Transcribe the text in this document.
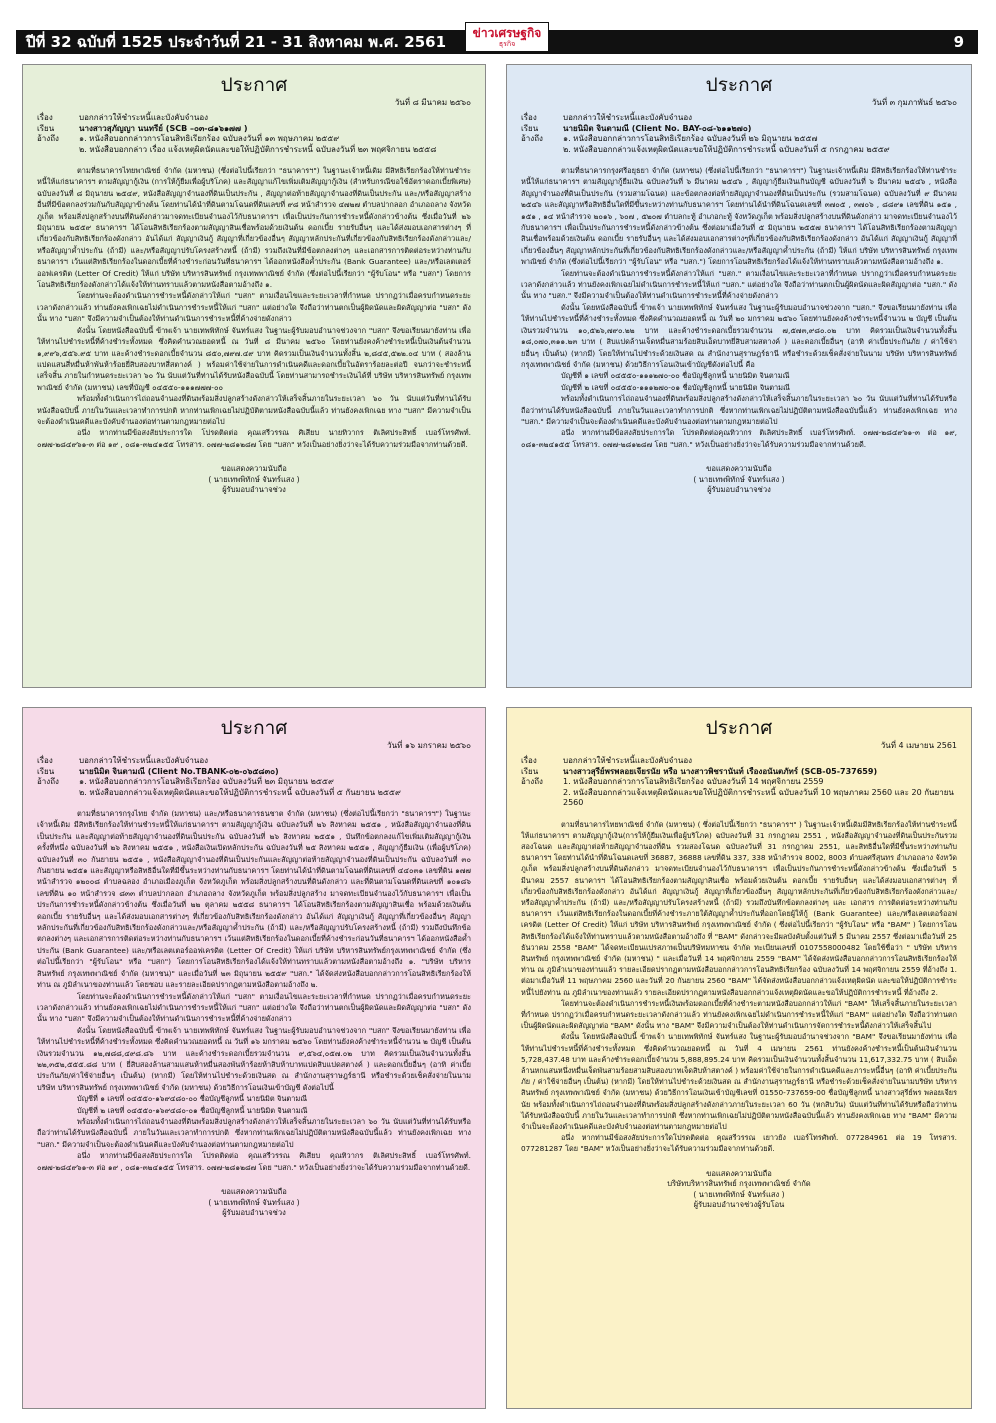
ปีที่ 32 ฉบับที่ 1525 ประจำวันที่ 21 - 31 สิงหาคม พ.ศ. 2561	9
ข่าวเศรษฐกิจ
ธุรกิจ
ประกาศ
วันที่ ๘ มีนาคม ๒๕๖๐
เรื่อง	บอกกล่าวให้ชำระหนี้และบังคับจำนอง
เรียน	นางสาวสุภัญญา นนทรีย์ (SCB –๐๓-๘๑๖๑๗๗ )
อ้างถึง	๑. หนังสือบอกกล่าวการโอนสิทธิเรียกร้อง ฉบับลงวันที่ ๑๓ พฤษภาคม ๒๕๕๙
๒. หนังสือบอกกล่าว เรื่อง แจ้งเหตุผิดนัดและขอให้ปฏิบัติการชำระหนี้ ฉบับลงวันที่ ๒๓ พฤศจิกายน ๒๕๕๘

ตามที่ธนาคารไทยพาณิชย์ จำกัด (มหาชน) (ซึ่งต่อไปนี้เรียกว่า "ธนาคารฯ") ในฐานะเจ้าหนี้เดิม มีสิทธิเรียกร้องให้ท่านชำระหนี้ให้แก่ธนาคารฯ ตามสัญญากู้เงิน (การให้กู้ยืมเพื่อผู้บริโภค) และสัญญาแก้ไขเพิ่มเติมสัญญากู้เงิน (สำหรับกรณีขอใช้อัตราดอกเบี้ยพิเศษ) ฉบับลงวันที่ ๘ มิถุนายน ๒๕๔๙, หนังสือสัญญาจำนองที่ดินเป็นประกัน , สัญญาต่อท้ายสัญญาจำนองที่ดินเป็นประกัน และ/หรือสัญญาสร้างอื่นที่มีข้อตกลงร่วมกันกับสัญญาข้างต้น โดยท่านได้นำที่ดินตามโฉนดที่ดินเลขที่ ๙๘ หน้าสำรวจ ๔๗๒๗ ตำบลปากลอก อำเภอถลาง จังหวัดภูเก็ต พร้อมสิ่งปลูกสร้างบนที่ดินดังกล่าวมาจดทะเบียนจำนองไว้กับธนาคารฯ เพื่อเป็นประกันการชำระหนี้ดังกล่าวข้างต้น ซึ่งเมื่อวันที่ ๒๖ มิถุนายน ๒๕๕๙ ธนาคารฯ ได้โอนสิทธิเรียกร้องตามสัญญาสินเชื่อพร้อมด้วยเงินต้น ดอกเบี้ย รายรับอื่นๆ และได้ส่งมอบเอกสารต่างๆ ที่เกี่ยวข้องกับสิทธิเรียกร้องดังกล่าว อันได้แก่ สัญญาเงินกู้ สัญญาที่เกี่ยวข้องอื่นๆ สัญญาหลักประกันที่เกี่ยวข้องกับสิทธิเรียกร้องดังกล่าวและ/หรือสัญญาค้ำประกัน (ถ้ามี) และ/หรือสัญญาปรับโครงสร้างหนี้ (ถ้ามี) รวมถึงเงินที่มีข้อตกลงต่างๆ และเอกสารการติดต่อระหว่างท่านกับธนาคารฯ เว้นแต่สิทธิเรียกร้องในดอกเบี้ยที่ค้างชำระก่อนวันที่ธนาคารฯ ได้ออกหนังสือค้ำประกัน (Bank Guarantee) และ/หรือเลตเตอร์ออฟเครดิต (Letter Of Credit) ให้แก่ บริษัท บริหารสินทรัพย์ กรุงเทพพาณิชย์ จำกัด (ซึ่งต่อไปนี้เรียกว่า "ผู้รับโอน" หรือ "บสก") โดยการโอนสิทธิเรียกร้องดังกล่าวได้แจ้งให้ท่านทราบแล้วตามหนังสือตามอ้างถึง ๑.

โดยท่านจะต้องดำเนินการชำระหนี้ดังกล่าวให้แก่ "บสก" ตามเงื่อนไขและระยะเวลาที่กำหนด ปรากฏว่าเมื่อครบกำหนดระยะเวลาดังกล่าวแล้ว ท่านยังคงเพิกเฉยไม่ดำเนินการชำระหนี้ให้แก่ "บสก" แต่อย่างใด จึงถือว่าท่านตกเป็นผู้ผิดนัดและผิดสัญญาต่อ "บสก" ดังนั้น ทาง "บสก" จึงมีความจำเป็นต้องให้ท่านดำเนินการชำระหนี้ที่ค้างจ่ายดังกล่าว

ดังนั้น โดยหนังสือฉบับนี้ ข้าพเจ้า นายเทพพิทักษ์ จันทร์แสง ในฐานะผู้รับมอบอำนาจช่วงจาก "บสก" จึงขอเรียนมายังท่าน เพื่อให้ท่านไปชำระหนี้ที่ค้างชำระทั้งหมด ซึ่งคิดคำนวณยอดหนี้ ณ วันที่ ๘ มีนาคม ๒๕๖๐ โดยท่านยังคงค้างชำระหนี้เป็นเงินต้นจำนวน ๑,๙๙๖,๕๕๖.๙๕ บาท และค้างชำระดอกเบี้ยจำนวน ๘๕๐,๗๙๗.๔๙ บาท คิดรวมเป็นเงินจำนวนทั้งสิ้น ๒,๘๔๕,๕๒๒.๐๔ บาท ( สองล้านแปดแสนสี่หมื่นห้าพันห้าร้อยยี่สิบสองบาทสี่สตางค์ ) พร้อมค่าใช้จ่ายในการดำเนินคดีและดอกเบี้ยในอัตราร้อยละต่อปี จนกว่าจะชำระหนี้เสร็จสิ้น ภายในกำหนดระยะเวลา ๖๐ วัน นับแต่วันที่ท่านได้รับหนังสือฉบับนี้ โดยท่านสามารถชำระเงินได้ที่ บริษัท บริหารสินทรัพย์ กรุงเทพพาณิชย์ จำกัด (มหาชน) เลขที่บัญชี ๐๔๕๕๐-๑๑๑๗๗๗-๐๐

พร้อมทั้งดำเนินการไถ่ถอนจำนองที่ดินพร้อมสิ่งปลูกสร้างดังกล่าวให้เสร็จสิ้นภายในระยะเวลา ๖๐ วัน นับแต่วันที่ท่านได้รับหนังสือฉบับนี้ ภายในวันและเวลาทำการปกติ หากท่านเพิกเฉยไม่ปฏิบัติตามหนังสือฉบับนี้แล้ว ท่านยังคงเพิกเฉย ทาง "บสก" มีความจำเป็นจะต้องดำเนินคดีและบังคับจำนองต่อท่านตามกฎหมายต่อไป

อนึ่ง หากท่านมีข้อสงสัยประการใด โปรดติดต่อ คุณเสรีวรรณ ศิเสียบ นายทิวากร ติเลิศประสิทธิ์ เบอร์โทรศัพท์. ๐๗๗-๒๘๔๙๖๑-๓ ต่อ ๑๙ , ๐๘๑-๓๒๔๑๕๕ โทรสาร. ๐๗๗-๒๘๑๒๘๗ โดย "บสก" หวังเป็นอย่างยิ่งว่าจะได้รับความร่วมมือจากท่านด้วยดี.

ขอแสดงความนับถือ
( นายเทพพิทักษ์ จันทร์แสง )
ผู้รับมอบอำนาจช่วง
ประกาศ
วันที่ ๓ กุมภาพันธ์ ๒๕๖๐
เรื่อง	บอกกล่าวให้ชำระหนี้และบังคับจำนอง
เรียน	นายนิมิต จินตามณี (Client No. BAY-๐๘-๖๑๑๒๗๐)
อ้างถึง	๑. หนังสือบอกกล่าวการโอนสิทธิเรียกร้อง ฉบับลงวันที่ ๒๖ มิถุนายน ๒๕๕๗
๒. หนังสือบอกกล่าวแจ้งเหตุผิดนัดและขอให้ปฏิบัติการชำระหนี้ ฉบับลงวันที่ ๕ กรกฎาคม ๒๕๕๙

ตามที่ธนาคารกรุงศรีอยุธยา จำกัด (มหาชน) (ซึ่งต่อไปนี้เรียกว่า "ธนาคารฯ") ในฐานะเจ้าหนี้เดิม มีสิทธิเรียกร้องให้ท่านชำระหนี้ให้แก่ธนาคารฯ ตามสัญญากู้ยืมเงิน ฉบับลงวันที่ ๖ มีนาคม ๒๕๔๖ , สัญญากู้ยืมเงินเกินบัญชี ฉบับลงวันที่ ๖ มีนาคม ๒๕๔๖ , หนังสือสัญญาจำนองที่ดินเป็นประกัน (รวมสามโฉนด) และข้อตกลงต่อท้ายสัญญาจำนองที่ดินเป็นประกัน (รวมสามโฉนด) ฉบับลงวันที่ ๙ มีนาคม ๒๕๔๖ และสัญญาหรือสิทธิอื่นใดที่มีขึ้นระหว่างท่านกับธนาคารฯ โดยท่านได้นำที่ดินโฉนดเลขที่ ๓๗๐๕ , ๓๗๐๖ , ๘๘๙๑ เลขที่ดิน ๑๕๑ , ๑๕๑ , ๑๔ หน้าสำรวจ ๒๐๑๖ , ๖๐๗ , ๕๒๐๗ ตำบลกะทู้ อำเภอกะทู้ จังหวัดภูเก็ต พร้อมสิ่งปลูกสร้างบนที่ดินดังกล่าว มาจดทะเบียนจำนองไว้กับธนาคารฯ เพื่อเป็นประกันการชำระหนี้ดังกล่าวข้างต้น ซึ่งต่อมาเมื่อวันที่ ๕ มิถุนายน ๒๕๕๗ ธนาคารฯ ได้โอนสิทธิเรียกร้องตามสัญญาสินเชื่อพร้อมด้วยเงินต้น ดอกเบี้ย รายรับอื่นๆ และได้ส่งมอบเอกสารต่างๆที่เกี่ยวข้องกับสิทธิเรียกร้องดังกล่าว อันได้แก่ สัญญาเงินกู้ สัญญาที่เกี่ยวข้องอื่นๆ สัญญาหลักประกันที่เกี่ยวข้องกับสิทธิเรียกร้องดังกล่าวและ/หรือสัญญาค้ำประกัน (ถ้ามี) ให้แก่ บริษัท บริหารสินทรัพย์ กรุงเทพพาณิชย์ จำกัด (ซึ่งต่อไปนี้เรียกว่า "ผู้รับโอน" หรือ "บสก.") โดยการโอนสิทธิเรียกร้องได้แจ้งให้ท่านทราบแล้วตามหนังสือตามอ้างถึง ๑.

โดยท่านจะต้องดำเนินการชำระหนี้ดังกล่าวให้แก่ "บสก." ตามเงื่อนไขและระยะเวลาที่กำหนด ปรากฏว่าเมื่อครบกำหนดระยะเวลาดังกล่าวแล้ว ท่านยังคงเพิกเฉยไม่ดำเนินการชำระหนี้ให้แก่ "บสก." แต่อย่างใด จึงถือว่าท่านตกเป็นผู้ผิดนัดและผิดสัญญาต่อ "บสก." ดังนั้น ทาง "บสก." จึงมีความจำเป็นต้องให้ท่านดำเนินการชำระหนี้ที่ค้างจ่ายดังกล่าว

ดังนั้น โดยหนังสือฉบับนี้ ข้าพเจ้า นายเทพพิทักษ์ จันทร์แสง ในฐานะผู้รับมอบอำนาจช่วงจาก "บสก." จึงขอเรียนมายังท่าน เพื่อให้ท่านไปชำระหนี้ที่ค้างชำระทั้งหมด ซึ่งคิดคำนวณยอดหนี้ ณ วันที่ ๒๐ มกราคม ๒๕๖๐ โดยท่านยังคงค้างชำระหนี้จำนวน ๒ บัญชี เป็นต้นเงินรวมจำนวน ๑๐,๕๒๖,๗๙๐.๒๒ บาท และค้างชำระดอกเบี้ยรวมจำนวน ๗,๕๗๓,๙๘๐.๐๒ บาท คิดรวมเป็นเงินจำนวนทั้งสิ้น ๑๘,๐๗๐,๓๑๑.๒๓ บาท ( สิบแปดล้านเจ็ดหมื่นสามร้อยสิบเอ็ดบาทยี่สิบสามสตางค์ ) และดอกเบี้ยอื่นๆ (อาทิ ค่าเบี้ยประกันภัย / ค่าใช้จ่ายอื่นๆ เป็นต้น) (หากมี) โดยให้ท่านไปชำระด้วยเงินสด ณ สำนักงานสุราษฎร์ธานี หรือชำระด้วยเช็คสั่งจ่ายในนาม บริษัท บริหารสินทรัพย์ กรุงเทพพาณิชย์ จำกัด (มหาชน) ด้วยวิธีการโอนเงินเข้าบัญชีดังต่อไปนี้ คือ

บัญชีที่ ๑ เลขที่ ๐๔๕๕๐-๑๑๑๒๗๐-๐๐ ชื่อบัญชีลูกหนี้ นายนิมิต จินตามณี

บัญชีที่ ๒ เลขที่ ๐๔๕๕๐-๑๑๑๒๗๐-๐๑ ชื่อบัญชีลูกหนี้ นายนิมิต จินตามณี

พร้อมทั้งดำเนินการไถ่ถอนจำนองที่ดินพร้อมสิ่งปลูกสร้างดังกล่าวให้เสร็จสิ้นภายในระยะเวลา ๖๐ วัน นับแต่วันที่ท่านได้รับหรือถือว่าท่านได้รับหนังสือฉบับนี้ ภายในวันและเวลาทำการปกติ ซึ่งหากท่านเพิกเฉยไม่ปฏิบัติตามหนังสือฉบับนี้แล้ว ท่านยังคงเพิกเฉย ทาง "บสก." มีความจำเป็นจะต้องดำเนินคดีและบังคับจำนองต่อท่านตามกฎหมายต่อไป

อนึ่ง หากท่านมีข้อสงสัยประการใด โปรดติดต่อคุณทิวากร ติเลิศประสิทธิ์ เบอร์โทรศัพท์. ๐๗๗-๒๘๔๙๖๑-๓ ต่อ ๑๙, ๐๘๑-๓๒๔๑๕๕ โทรสาร. ๐๗๗-๒๘๑๒๘๗ โดย "บสก." หวังเป็นอย่างยิ่งว่าจะได้รับความร่วมมือจากท่านด้วยดี.

ขอแสดงความนับถือ
( นายเทพพิทักษ์ จันทร์แสง )
ผู้รับมอบอำนาจช่วง
ประกาศ
วันที่ ๑๖ มกราคม ๒๕๖๐
เรื่อง	บอกกล่าวให้ชำระหนี้และบังคับจำนอง
เรียน	นายนิมิต จินตามณี (Client No.TBANK-๐๒-๐๖๕๘๓๐)
อ้างถึง	๑. หนังสือบอกกล่าวการโอนสิทธิเรียกร้อง ฉบับลงวันที่ ๒๓ มิถุนายน ๒๕๕๙
๒. หนังสือบอกกล่าวแจ้งเหตุผิดนัดและขอให้ปฏิบัติการชำระหนี้ ฉบับลงวันที่ ๕ กันยายน ๒๕๕๙

ตามที่ธนาคารกรุงไทย จำกัด (มหาชน) และ/หรือธนาคารธนชาต จำกัด (มหาชน) (ซึ่งต่อไปนี้เรียกว่า "ธนาคารฯ") ในฐานะเจ้าหนี้เดิม มีสิทธิเรียกร้องให้ท่านชำระหนี้ให้แก่ธนาคารฯ ตามสัญญากู้เงิน ฉบับลงวันที่ ๒๖ สิงหาคม ๒๕๕๑ , หนังสือสัญญาจำนองที่ดินเป็นประกัน และสัญญาต่อท้ายสัญญาจำนองที่ดินเป็นประกัน ฉบับลงวันที่ ๒๖ สิงหาคม ๒๕๕๑ , บันทึกข้อตกลงแก้ไขเพิ่มเติมสัญญากู้เงินครั้งที่หนึ่ง ฉบับลงวันที่ ๒๖ สิงหาคม ๒๕๕๑ , หนังสือเงินเปิดหลักประกัน ฉบับลงวันที่ ๒๕ สิงหาคม ๒๕๕๑ , สัญญากู้ยืมเงิน (เพื่อผู้บริโภค) ฉบับลงวันที่ ๓๐ กันยายน ๒๕๕๑ , หนังสือสัญญาจำนองที่ดินเป็นประกันและสัญญาต่อท้ายสัญญาจำนองที่ดินเป็นประกัน ฉบับลงวันที่ ๓๐ กันยายน ๒๕๕๑ และสัญญาหรือสิทธิอื่นใดที่มีขึ้นระหว่างท่านกับธนาคารฯ โดยท่านได้นำที่ดินตามโฉนดที่ดินเลขที่ ๔๔๐๓๑ เลขที่ดิน ๑๗๗ หน้าสำรวจ ๑๒๐๐๘ ตำบลฉลอง อำเภอเมืองภูเก็ต จังหวัดภูเก็ต พร้อมสิ่งปลูกสร้างบนที่ดินดังกล่าว และที่ดินตามโฉนดที่ดินเลขที่ ๑๐๑๘๖ เลขที่ดิน ๑๐ หน้าสำรวจ ๘๓๓ ตำบลปากลอก อำเภอถลาง จังหวัดภูเก็ต พร้อมสิ่งปลูกสร้าง มาจดทะเบียนจำนองไว้กับธนาคารฯ เพื่อเป็นประกันการชำระหนี้ดังกล่าวข้างต้น ซึ่งเมื่อวันที่ ๒๒ ตุลาคม ๒๕๕๘ ธนาคารฯ ได้โอนสิทธิเรียกร้องตามสัญญาสินเชื่อ พร้อมด้วยเงินต้น ดอกเบี้ย รายรับอื่นๆ และได้ส่งมอบเอกสารต่างๆ ที่เกี่ยวข้องกับสิทธิเรียกร้องดังกล่าว อันได้แก่ สัญญาเงินกู้ สัญญาที่เกี่ยวข้องอื่นๆ สัญญาหลักประกันที่เกี่ยวข้องกับสิทธิเรียกร้องดังกล่าวและ/หรือสัญญาค้ำประกัน (ถ้ามี) และ/หรือสัญญาปรับโครงสร้างหนี้ (ถ้ามี) รวมถึงบันทึกข้อตกลงต่างๆ และเอกสารการติดต่อระหว่างท่านกับธนาคารฯ เว้นแต่สิทธิเรียกร้องในดอกเบี้ยที่ค้างชำระก่อนวันที่ธนาคารฯ ได้ออกหนังสือค้ำประกัน (Bank Guarantee) และ/หรือเลตเตอร์ออฟเครดิต (Letter Of Credit) ให้แก่ บริษัท บริหารสินทรัพย์กรุงเทพพาณิชย์ จำกัด (ซึ่งต่อไปนี้เรียกว่า "ผู้รับโอน" หรือ "บสก") โดยการโอนสิทธิเรียกร้องได้แจ้งให้ท่านทราบแล้วตามหนังสือตามอ้างถึง ๑. "บริษัท บริหารสินทรัพย์ กรุงเทพพาณิชย์ จำกัด (มหาชน)" และเมื่อวันที่ ๒๓ มิถุนายน ๒๕๕๙ "บสก." ได้จัดส่งหนังสือบอกกล่าวการโอนสิทธิเรียกร้องให้ท่าน ณ ภูมิลำเนาของท่านแล้ว โดยชอบ และรายละเอียดปรากฏตามหนังสือตามอ้างถึง ๒.

โดยท่านจะต้องดำเนินการชำระหนี้ดังกล่าวให้แก่ "บสก" ตามเงื่อนไขและระยะเวลาที่กำหนด ปรากฏว่าเมื่อครบกำหนดระยะเวลาดังกล่าวแล้ว ท่านยังคงเพิกเฉยไม่ดำเนินการชำระหนี้ให้แก่ "บสก" แต่อย่างใด จึงถือว่าท่านตกเป็นผู้ผิดนัดและผิดสัญญาต่อ "บสก" ดังนั้น ทาง "บสก" จึงมีความจำเป็นต้องให้ท่านดำเนินการชำระหนี้ที่ค้างจ่ายดังกล่าว

ดังนั้น โดยหนังสือฉบับนี้ ข้าพเจ้า นายเทพพิทักษ์ จันทร์แสง ในฐานะผู้รับมอบอำนาจช่วงจาก "บสก" จึงขอเรียนมายังท่าน เพื่อให้ท่านไปชำระหนี้ที่ค้างชำระทั้งหมด ซึ่งคิดคำนวณยอดหนี้ ณ วันที่ ๑๖ มกราคม ๒๕๖๐ โดยท่านยังคงค้างชำระหนี้จำนวน ๒ บัญชี เป็นต้นเงินรวมจำนวน ๑๒,๗๘๘,๔๙๘.๘๖ บาท และค้างชำระดอกเบี้ยรวมจำนวน ๙,๕๖๔,๐๕๗.๐๒ บาท คิดรวมเป็นเงินจำนวนทั้งสิ้น ๒๒,๓๕๒,๕๕๕.๘๘ บาท ( ยี่สิบสองล้านสามแสนห้าหมื่นสองพันห้าร้อยห้าสิบห้าบาทแปดสิบแปดสตางค์ ) และดอกเบี้ยอื่นๆ (อาทิ ค่าเบี้ยประกันภัย/ค่าใช้จ่ายอื่นๆ เป็นต้น) (หากมี) โดยให้ท่านไปชำระด้วยเงินสด ณ สำนักงานสุราษฎร์ธานี หรือชำระด้วยเช็คสั่งจ่ายในนาม บริษัท บริหารสินทรัพย์ กรุงเทพพาณิชย์ จำกัด (มหาชน) ด้วยวิธีการโอนเงินเข้าบัญชี ดังต่อไปนี้

บัญชีที่ ๑ เลขที่ ๐๔๕๕๐-๑๖๙๔๘๐-๐๐ ชื่อบัญชีลูกหนี้ นายนิมิต จินตามณี

บัญชีที่ ๒ เลขที่ ๐๔๕๕๐-๑๖๙๔๘๐-๐๑ ชื่อบัญชีลูกหนี้ นายนิมิต จินตามณี

พร้อมทั้งดำเนินการไถ่ถอนจำนองที่ดินพร้อมสิ่งปลูกสร้างดังกล่าวให้เสร็จสิ้นภายในระยะเวลา ๖๐ วัน นับแต่วันที่ท่านได้รับหรือถือว่าท่านได้รับหนังสือฉบับนี้ ภายในวันและเวลาทำการปกติ ซึ่งหากท่านเพิกเฉยไม่ปฏิบัติตามหนังสือฉบับนี้แล้ว ท่านยังคงเพิกเฉย ทาง "บสก." มีความจำเป็นจะต้องดำเนินคดีและบังคับจำนองต่อท่านตามกฎหมายต่อไป

อนึ่ง หากท่านมีข้อสงสัยประการใด โปรดติดต่อ คุณเสรีวรรณ ศิเสียบ คุณทิวากร ติเลิศประสิทธิ์ เบอร์โทรศัพท์. ๐๗๗-๒๘๔๙๖๑-๓ ต่อ ๑๙ , ๐๘๑-๓๒๔๑๕๕ โทรสาร. ๐๗๗-๒๘๑๒๘๗ โดย "บสก." หวังเป็นอย่างยิ่งว่าจะได้รับความร่วมมือจากท่านด้วยดี.

ขอแสดงความนับถือ
( นายเทพพิทักษ์ จันทร์แสง )
ผู้รับมอบอำนาจช่วง
ประกาศ
วันที่ 4 เมษายน 2561
เรื่อง	บอกกล่าวให้ชำระหนี้และบังคับจำนอง
เรียน	นางสาวสุรีย์พรพลอยเจียรนัย หรือ นางสาวพิชรานันท์ เรืองอนันตภัทร์ (SCB-05-737659)
อ้างถึง	1. หนังสือบอกกล่าวการโอนสิทธิเรียกร้อง ฉบับลงวันที่ 14 พฤศจิกายน 2559
2. หนังสือบอกกล่าวแจ้งเหตุผิดนัดและขอให้ปฏิบัติการชำระหนี้ ฉบับลงวันที่ 10 พฤษภาคม 2560 และ 20 กันยายน 2560

ตามที่ธนาคารไทยพาณิชย์ จำกัด (มหาชน) ( ซึ่งต่อไปนี้เรียกว่า "ธนาคารฯ" ) ในฐานะเจ้าหนี้เดิมมีสิทธิเรียกร้องให้ท่านชำระหนี้ให้แก่ธนาคารฯ ตามสัญญากู้เงิน(การให้กู้ยืมเงินเพื่อผู้บริโภค) ฉบับลงวันที่ 31 กรกฎาคม 2551 , หนังสือสัญญาจำนองที่ดินเป็นประกันรวมสองโฉนด และสัญญาต่อท้ายสัญญาจำนองที่ดิน รวมสองโฉนด ฉบับลงวันที่ 31 กรกฎาคม 2551, และสิทธิอื่นใดที่มีขึ้นระหว่างท่านกับธนาคารฯ โดยท่านได้นำที่ดินโฉนดเลขที่ 36887, 36888 เลขที่ดิน 337, 338 หน้าสำรวจ 8002, 8003 ตำบลศรีสุนทร อำเภอถลาง จังหวัดภูเก็ต พร้อมสิ่งปลูกสร้างบนที่ดินดังกล่าว มาจดทะเบียนจำนองไว้กับธนาคารฯ เพื่อเป็นประกันการชำระหนี้ดังกล่าวข้างต้น ซึ่งเมื่อวันที่ 5 มีนาคม 2557 ธนาคารฯ ได้โอนสิทธิเรียกร้องตามสัญญาสินเชื่อ พร้อมด้วยเงินต้น ดอกเบี้ย รายรับอื่นๆ และได้ส่งมอบเอกสารต่างๆ ที่เกี่ยวข้องกับสิทธิเรียกร้องดังกล่าว อันได้แก่ สัญญาเงินกู้ สัญญาที่เกี่ยวข้องอื่นๆ สัญญาหลักประกันที่เกี่ยวข้องกับสิทธิเรียกร้องดังกล่าวและ/หรือสัญญาค้ำประกัน (ถ้ามี) และ/หรือสัญญาปรับโครงสร้างหนี้ (ถ้ามี) รวมถึงบันทึกข้อตกลงต่างๆ และ เอกสาร การติดต่อระหว่างท่านกับธนาคารฯ เว้นแต่สิทธิเรียกร้องในดอกเบี้ยที่ค้างชำระภายใต้สัญญาค้ำประกันที่ออกโดยผู้ให้กู้ (Bank Guarantee) และ/หรือเลตเตอร์ออฟเครดิต (Letter Of Credit) ให้แก่ บริษัท บริหารสินทรัพย์ กรุงเทพพาณิชย์ จำกัด ( ซึ่งต่อไปนี้เรียกว่า "ผู้รับโอน" หรือ "BAM" ) โดยการโอนสิทธิเรียกร้องได้แจ้งให้ท่านทราบแล้วตามหนังสือตามอ้างถึง ที่ "BAM" ดังกล่าวจะมีผลบังคับตั้งแต่วันที่ 5 มีนาคม 2557 ซึ่งต่อมาเมื่อวันที่ 25 ธันวาคม 2558 "BAM" ได้จดทะเบียนแปรสภาพเป็นบริษัทมหาชน จำกัด ทะเบียนเลขที่ 0107558000482 โดยใช้ชื่อว่า " บริษัท บริหารสินทรัพย์ กรุงเทพพาณิชย์ จำกัด (มหาชน) " และเมื่อวันที่ 14 พฤศจิกายน 2559 "BAM" ได้จัดส่งหนังสือบอกกล่าวการโอนสิทธิเรียกร้องให้ท่าน ณ ภูมิลำเนาของท่านแล้ว รายละเอียดปรากฏตามหนังสือบอกกล่าวการโอนสิทธิเรียกร้อง ฉบับลงวันที่ 14 พฤศจิกายน 2559 ที่อ้างถึง 1. ต่อมาเมื่อวันที่ 11 พฤษภาคม 2560 และวันที่ 20 กันยายน 2560 "BAM" ได้จัดส่งหนังสือบอกกล่าวแจ้งเหตุผิดนัด และขอให้ปฏิบัติการชำระหนี้ไปยังท่าน ณ ภูมิลำเนาของท่านแล้ว รายละเอียดปรากฏตามหนังสือบอกกล่าวแจ้งเหตุผิดนัดและขอให้ปฏิบัติการชำระหนี้ ที่อ้างถึง 2.

โดยท่านจะต้องดำเนินการชำระหนี้เงินพร้อมดอกเบี้ยที่ค้างชำระตามหนังสือบอกกล่าวให้แก่ "BAM" ให้เสร็จสิ้นภายในระยะเวลาที่กำหนด ปรากฏว่าเมื่อครบกำหนดระยะเวลาดังกล่าวแล้ว ท่านยังคงเพิกเฉยไม่ดำเนินการชำระหนี้ให้แก่ "BAM" แต่อย่างใด จึงถือว่าท่านตกเป็นผู้ผิดนัดและผิดสัญญาต่อ "BAM" ดังนั้น ทาง "BAM" จึงมีความจำเป็นต้องให้ท่านดำเนินการจัดการชำระหนี้ดังกล่าวให้เสร็จสิ้นไป

ดังนั้น โดยหนังสือฉบับนี้ ข้าพเจ้า นายเทพพิทักษ์ จันทร์แสง ในฐานะผู้รับมอบอำนาจช่วงจาก "BAM" จึงขอเรียนมายังท่าน เพื่อให้ท่านไปชำระหนี้ที่ค้างชำระทั้งหมด ซึ่งคิดคำนวณยอดหนี้ ณ วันที่ 4 เมษายน 2561 ท่านยังคงค้างชำระหนี้เป็นต้นเงินจำนวน 5,728,437.48 บาท และค้างชำระดอกเบี้ยจำนวน 5,888,895.24 บาท คิดรวมเป็นเงินจำนวนทั้งสิ้นจำนวน 11,617,332.75 บาท ( สิบเอ็ดล้านหกแสนหนึ่งหมื่นเจ็ดพันสามร้อยสามสิบสองบาทเจ็ดสิบห้าสตางค์ ) พร้อมค่าใช้จ่ายในการดำเนินคดีและภาระหนี้อื่นๆ (อาทิ ค่าเบี้ยประกันภัย / ค่าใช้จ่ายอื่นๆ เป็นต้น) (หากมี) โดยให้ท่านไปชำระด้วยเงินสด ณ สำนักงานสุราษฎร์ธานี หรือชำระด้วยเช็คสั่งจ่ายในนามบริษัท บริหารสินทรัพย์ กรุงเทพพาณิชย์ จำกัด (มหาชน) ด้วยวิธีการโอนเงินเข้าบัญชีเลขที่ 01550-737659-00 ชื่อบัญชีลูกหนี้ นางสาวสุรีย์พร พลอยเจียรนัย พร้อมทั้งดำเนินการไถ่ถอนจำนองที่ดินพร้อมสิ่งปลูกสร้างดังกล่าวภายในระยะเวลา 60 วัน (หกสิบวัน) นับแต่วันที่ท่านได้รับหรือถือว่าท่านได้รับหนังสือฉบับนี้ ภายในวันและเวลาทำการปกติ ซึ่งหากท่านเพิกเฉยไม่ปฏิบัติตามหนังสือฉบับนี้แล้ว ท่านยังคงเพิกเฉย ทาง "BAM" มีความจำเป็นจะต้องดำเนินคดีและบังคับจำนองต่อท่านตามกฎหมายต่อไป

อนึ่ง หากท่านมีข้อสงสัยประการใดโปรดติดต่อ คุณสรีวรรณ เยาวยัง เบอร์โทรศัพท์. 077284961 ต่อ 19 โทรสาร. 077281287 โดย "BAM" หวังเป็นอย่างยิ่งว่าจะได้รับความร่วมมือจากท่านด้วยดี.

ขอแสดงความนับถือ
บริษัทบริหารสินทรัพย์ กรุงเทพพาณิชย์ จำกัด
( นายเทพพิทักษ์ จันทร์แสง )
ผู้รับมอบอำนาจช่วงผู้รับโอน
